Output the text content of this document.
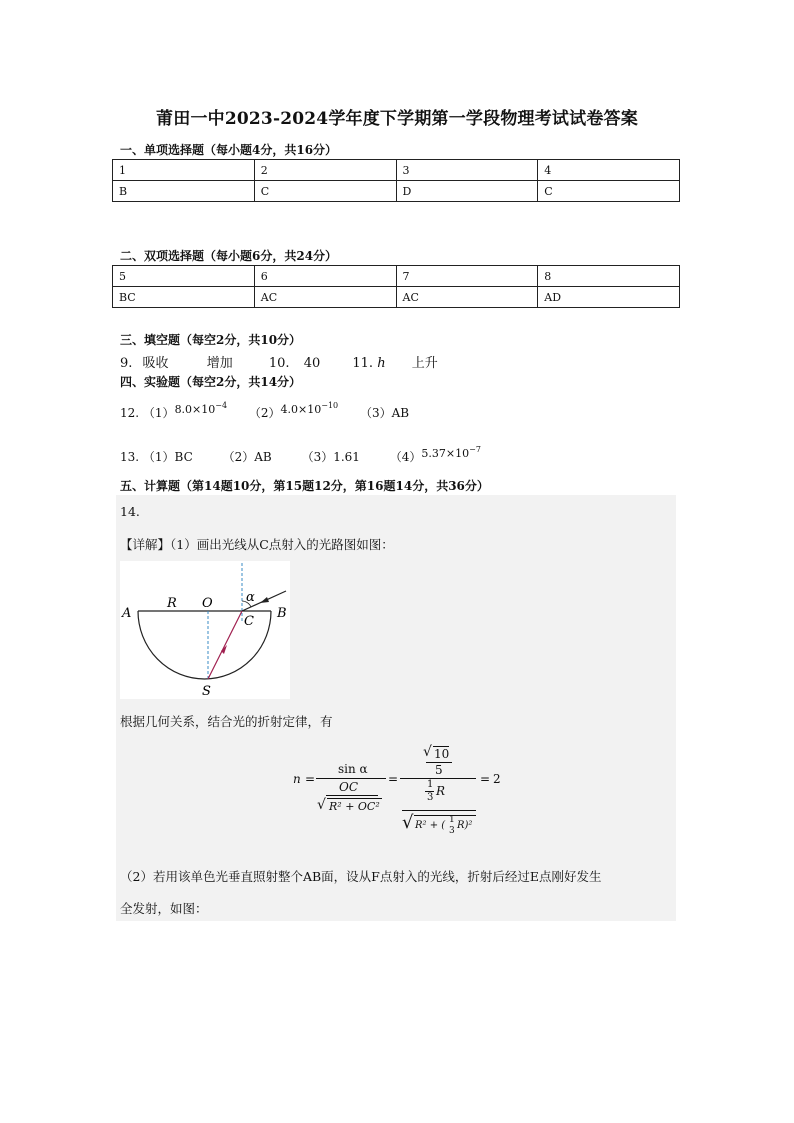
莆田一中2023-2024学年度下学期第一学段物理考试试卷答案
一、单项选择题（每小题4分，共16分）
1	2	3	4
B	C	D	C
二、双项选择题（每小题6分，共24分）
5	6	7	8
BC	AC	AC	AD
三、填空题（每空2分，共10分）
9. 吸收	增加	10. 40 11. h 上升
四、实验题（每空2分，共14分）
12. $(1)8.0\times 10^{-4}$ $(2)4.0\times 10^{-10}$ （3）AB
13. （1）BC （2）AB （3）1.61 $(4)5.37\times 10^{-7}$
五、计算题（第14题10分，第15题12分，第16题14分，共36分）
14.
【详解】（1）画出光线从C点射入的光路图如图：
A
R O	α
C
B
S
根据几何关系，结合光的折射定律，有
n =
sin α
OC
√ R² + OC²
=
√ 10
5
1
3 R
√ R² + ( 1
3 R)²
= 2
（2）若用该单色光垂直照射整个AB面，设从F点射入的光线，折射后经过E点刚好发生
全发射，如图：
